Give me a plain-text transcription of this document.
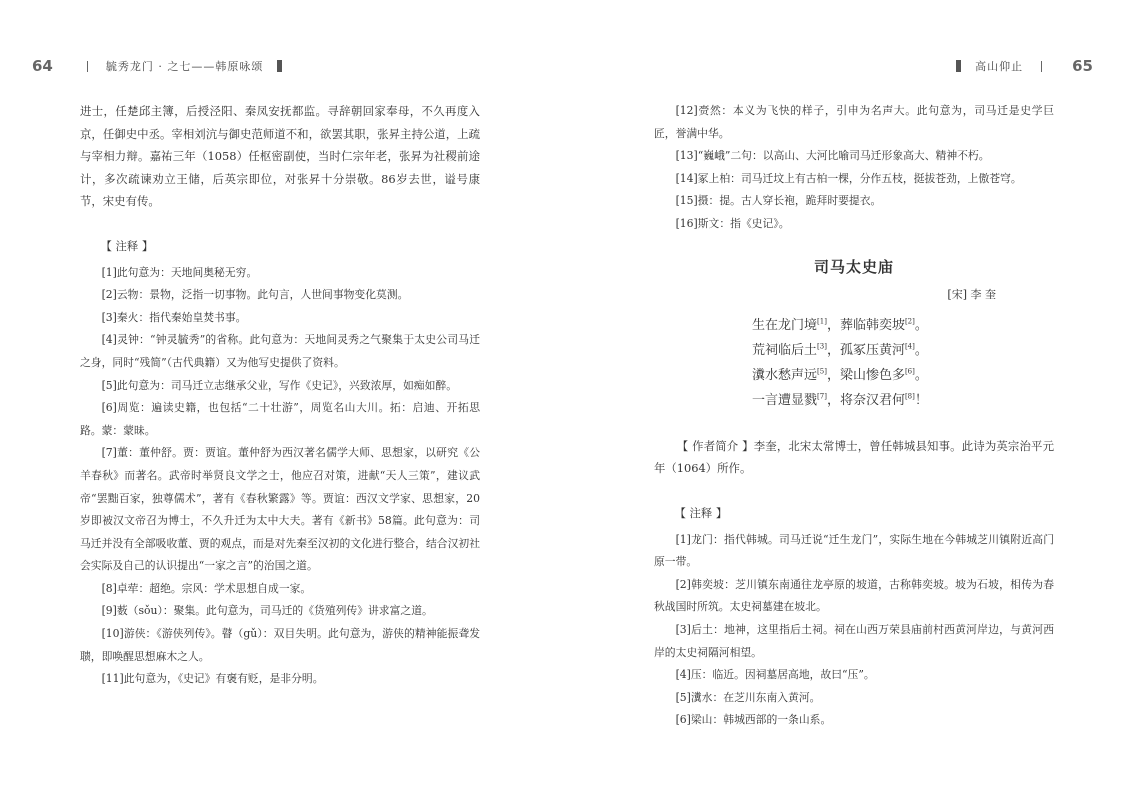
64	毓秀龙门 · 之七——韩原咏颂

进士，任楚邱主簿，后授泾阳、秦凤安抚都监。寻辞朝回家奉母，不久再度入京，任御史中丞。宰相刘沆与御史范师道不和，欲罢其职，张昇主持公道，上疏与宰相力辩。嘉祐三年（1058）任枢密副使，当时仁宗年老，张昇为社稷前途计，多次疏谏劝立王储，后英宗即位，对张昇十分崇敬。86岁去世，谥号康节，宋史有传。

【 注释 】

[1]此句意为：天地间奥秘无穷。

[2]云物：景物，泛指一切事物。此句言，人世间事物变化莫测。

[3]秦火：指代秦始皇焚书事。

[4]灵钟：“钟灵毓秀”的省称。此句意为：天地间灵秀之气聚集于太史公司马迁之身，同时“残简”（古代典籍）又为他写史提供了资料。

[5]此句意为：司马迁立志继承父业，写作《史记》，兴致浓厚，如痴如醉。

[6]周览：遍读史籍，也包括“二十壮游”，周览名山大川。拓：启迪、开拓思路。蒙：蒙昧。

[7]董：董仲舒。贾：贾谊。董仲舒为西汉著名儒学大师、思想家，以研究《公羊春秋》而著名。武帝时举贤良文学之士，他应召对策，进献“天人三策”，建议武帝“罢黜百家，独尊儒术”，著有《春秋繁露》等。贾谊：西汉文学家、思想家，20岁即被汉文帝召为博士，不久升迁为太中大夫。著有《新书》58篇。此句意为：司马迁并没有全部吸收董、贾的观点，而是对先秦至汉初的文化进行整合，结合汉初社会实际及自己的认识提出“一家之言”的治国之道。

[8]卓荦：超绝。宗风：学术思想自成一家。

[9]薮（sǒu）：聚集。此句意为，司马迁的《货殖列传》讲求富之道。

[10]游侠：《游侠列传》。瞽（gǔ）：双目失明。此句意为，游侠的精神能振聋发聩，即唤醒思想麻木之人。

[11]此句意为，《史记》有褒有贬，是非分明。

高山仰止	65

[12]赍然：本义为飞快的样子，引申为名声大。此句意为，司马迁是史学巨匠，誉满中华。

[13]“巍峨”二句：以高山、大河比喻司马迁形象高大、精神不朽。

[14]冢上柏：司马迁坟上有古柏一棵，分作五枝，挺拔苍劲，上傲苍穹。

[15]摄：提。古人穿长袍，跪拜时要提衣。

[16]斯文：指《史记》。

司马太史庙
[宋] 李 奎
生在龙门境[1]，葬临韩奕坡[2]。
荒祠临后土[3]，孤冢压黄河[4]。
瀵水愁声远[5]，梁山惨色多[6]。
一言遭显戮[7]，将奈汉君何[8]！

【 作者简介 】李奎，北宋太常博士，曾任韩城县知事。此诗为英宗治平元年（1064）所作。

【 注释 】

[1]龙门：指代韩城。司马迁说“迁生龙门”，实际生地在今韩城芝川镇附近高门原一带。

[2]韩奕坡：芝川镇东南通往龙亭原的坡道，古称韩奕坡。坡为石坡，相传为春秋战国时所筑。太史祠墓建在坡北。

[3]后土：地神，这里指后土祠。祠在山西万荣县庙前村西黄河岸边，与黄河西岸的太史祠隔河相望。

[4]压：临近。因祠墓居高地，故曰“压”。

[5]瀵水：在芝川东南入黄河。

[6]梁山：韩城西部的一条山系。
